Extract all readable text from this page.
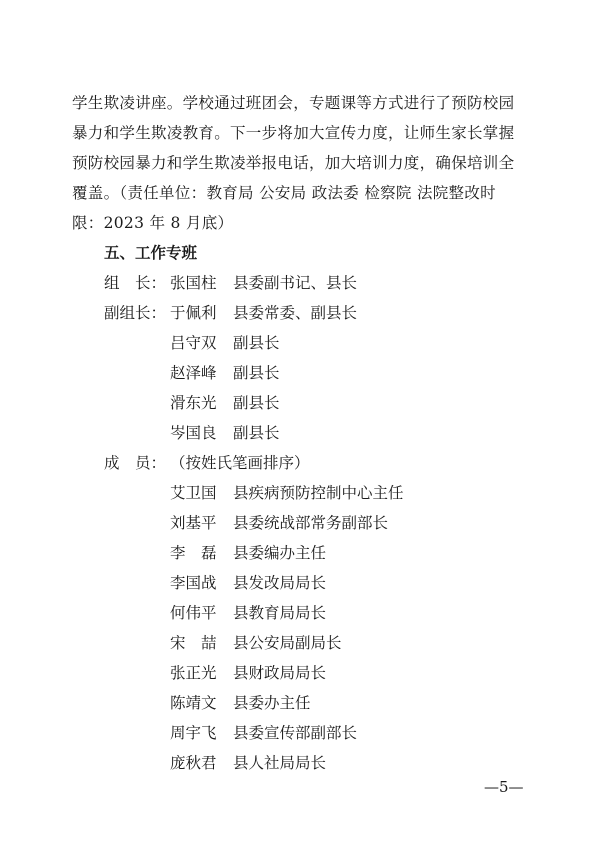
学生欺凌讲座。学校通过班团会，专题课等方式进行了预防校园
暴力和学生欺凌教育。下一步将加大宣传力度，让师生家长掌握
预防校园暴力和学生欺凌举报电话，加大培训力度，确保培训全
覆盖。（责任单位：教育局 公安局 政法委 检察院 法院整改时
限：2023 年 8 月底）
五、工作专班
组　长： 张国柱 县委副书记、县长
副组长： 于佩利 县委常委、副县长
吕守双 副县长
赵泽峰 副县长
滑东光 副县长
岑国良 副县长
成　员： （按姓氏笔画排序）
艾卫国 县疾病预防控制中心主任
刘基平 县委统战部常务副部长
李　磊 县委编办主任
李国战 县发改局局长
何伟平 县教育局局长
宋　喆 县公安局副局长
张正光 县财政局局长
陈靖文 县委办主任
周宇飞 县委宣传部副部长
庞秋君 县人社局局长
—5—
